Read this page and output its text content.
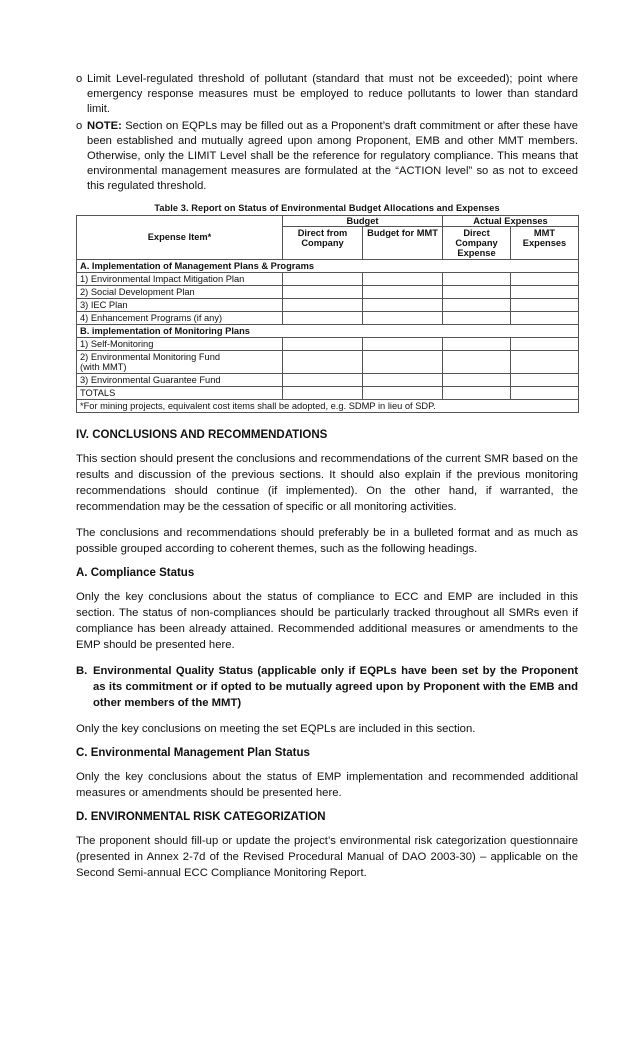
o Limit Level-regulated threshold of pollutant (standard that must not be exceeded); point where emergency response measures must be employed to reduce pollutants to lower than standard limit.
o NOTE: Section on EQPLs may be filled out as a Proponent’s draft commitment or after these have been established and mutually agreed upon among Proponent, EMB and other MMT members. Otherwise, only the LIMIT Level shall be the reference for regulatory compliance. This means that environmental management measures are formulated at the “ACTION level” so as not to exceed this regulated threshold.
Table 3. Report on Status of Environmental Budget Allocations and Expenses
Expense Item*	Budget		Actual Expenses	
	Direct from Company	Budget for MMT	Direct Company Expense	MMT Expenses
A. Implementation of Management Plans & Programs				
1) Environmental Impact Mitigation Plan				
2) Social Development Plan				
3) IEC Plan				
4) Enhancement Programs (if any)				
B. implementation of Monitoring Plans				
1) Self-Monitoring				
2) Environmental Monitoring Fund (with MMT)				
3) Environmental Guarantee Fund				
TOTALS				
*For mining projects, equivalent cost items shall be adopted, e.g. SDMP in lieu of SDP.				
IV. CONCLUSIONS AND RECOMMENDATIONS

This section should present the conclusions and recommendations of the current SMR based on the results and discussion of the previous sections. It should also explain if the previous monitoring recommendations should continue (if implemented). On the other hand, if warranted, the recommendation may be the cessation of specific or all monitoring activities.

The conclusions and recommendations should preferably be in a bulleted format and as much as possible grouped according to coherent themes, such as the following headings.

A. Compliance Status

Only the key conclusions about the status of compliance to ECC and EMP are included in this section. The status of non-compliances should be particularly tracked throughout all SMRs even if compliance has been already attained. Recommended additional measures or amendments to the EMP should be presented here.

B. Environmental Quality Status (applicable only if EQPLs have been set by the Proponent as its commitment or if opted to be mutually agreed upon by Proponent with the EMB and other members of the MMT)

Only the key conclusions on meeting the set EQPLs are included in this section.

C. Environmental Management Plan Status

Only the key conclusions about the status of EMP implementation and recommended additional measures or amendments should be presented here.

D. ENVIRONMENTAL RISK CATEGORIZATION

The proponent should fill-up or update the project’s environmental risk categorization questionnaire (presented in Annex 2-7d of the Revised Procedural Manual of DAO 2003-30) – applicable on the Second Semi-annual ECC Compliance Monitoring Report.
